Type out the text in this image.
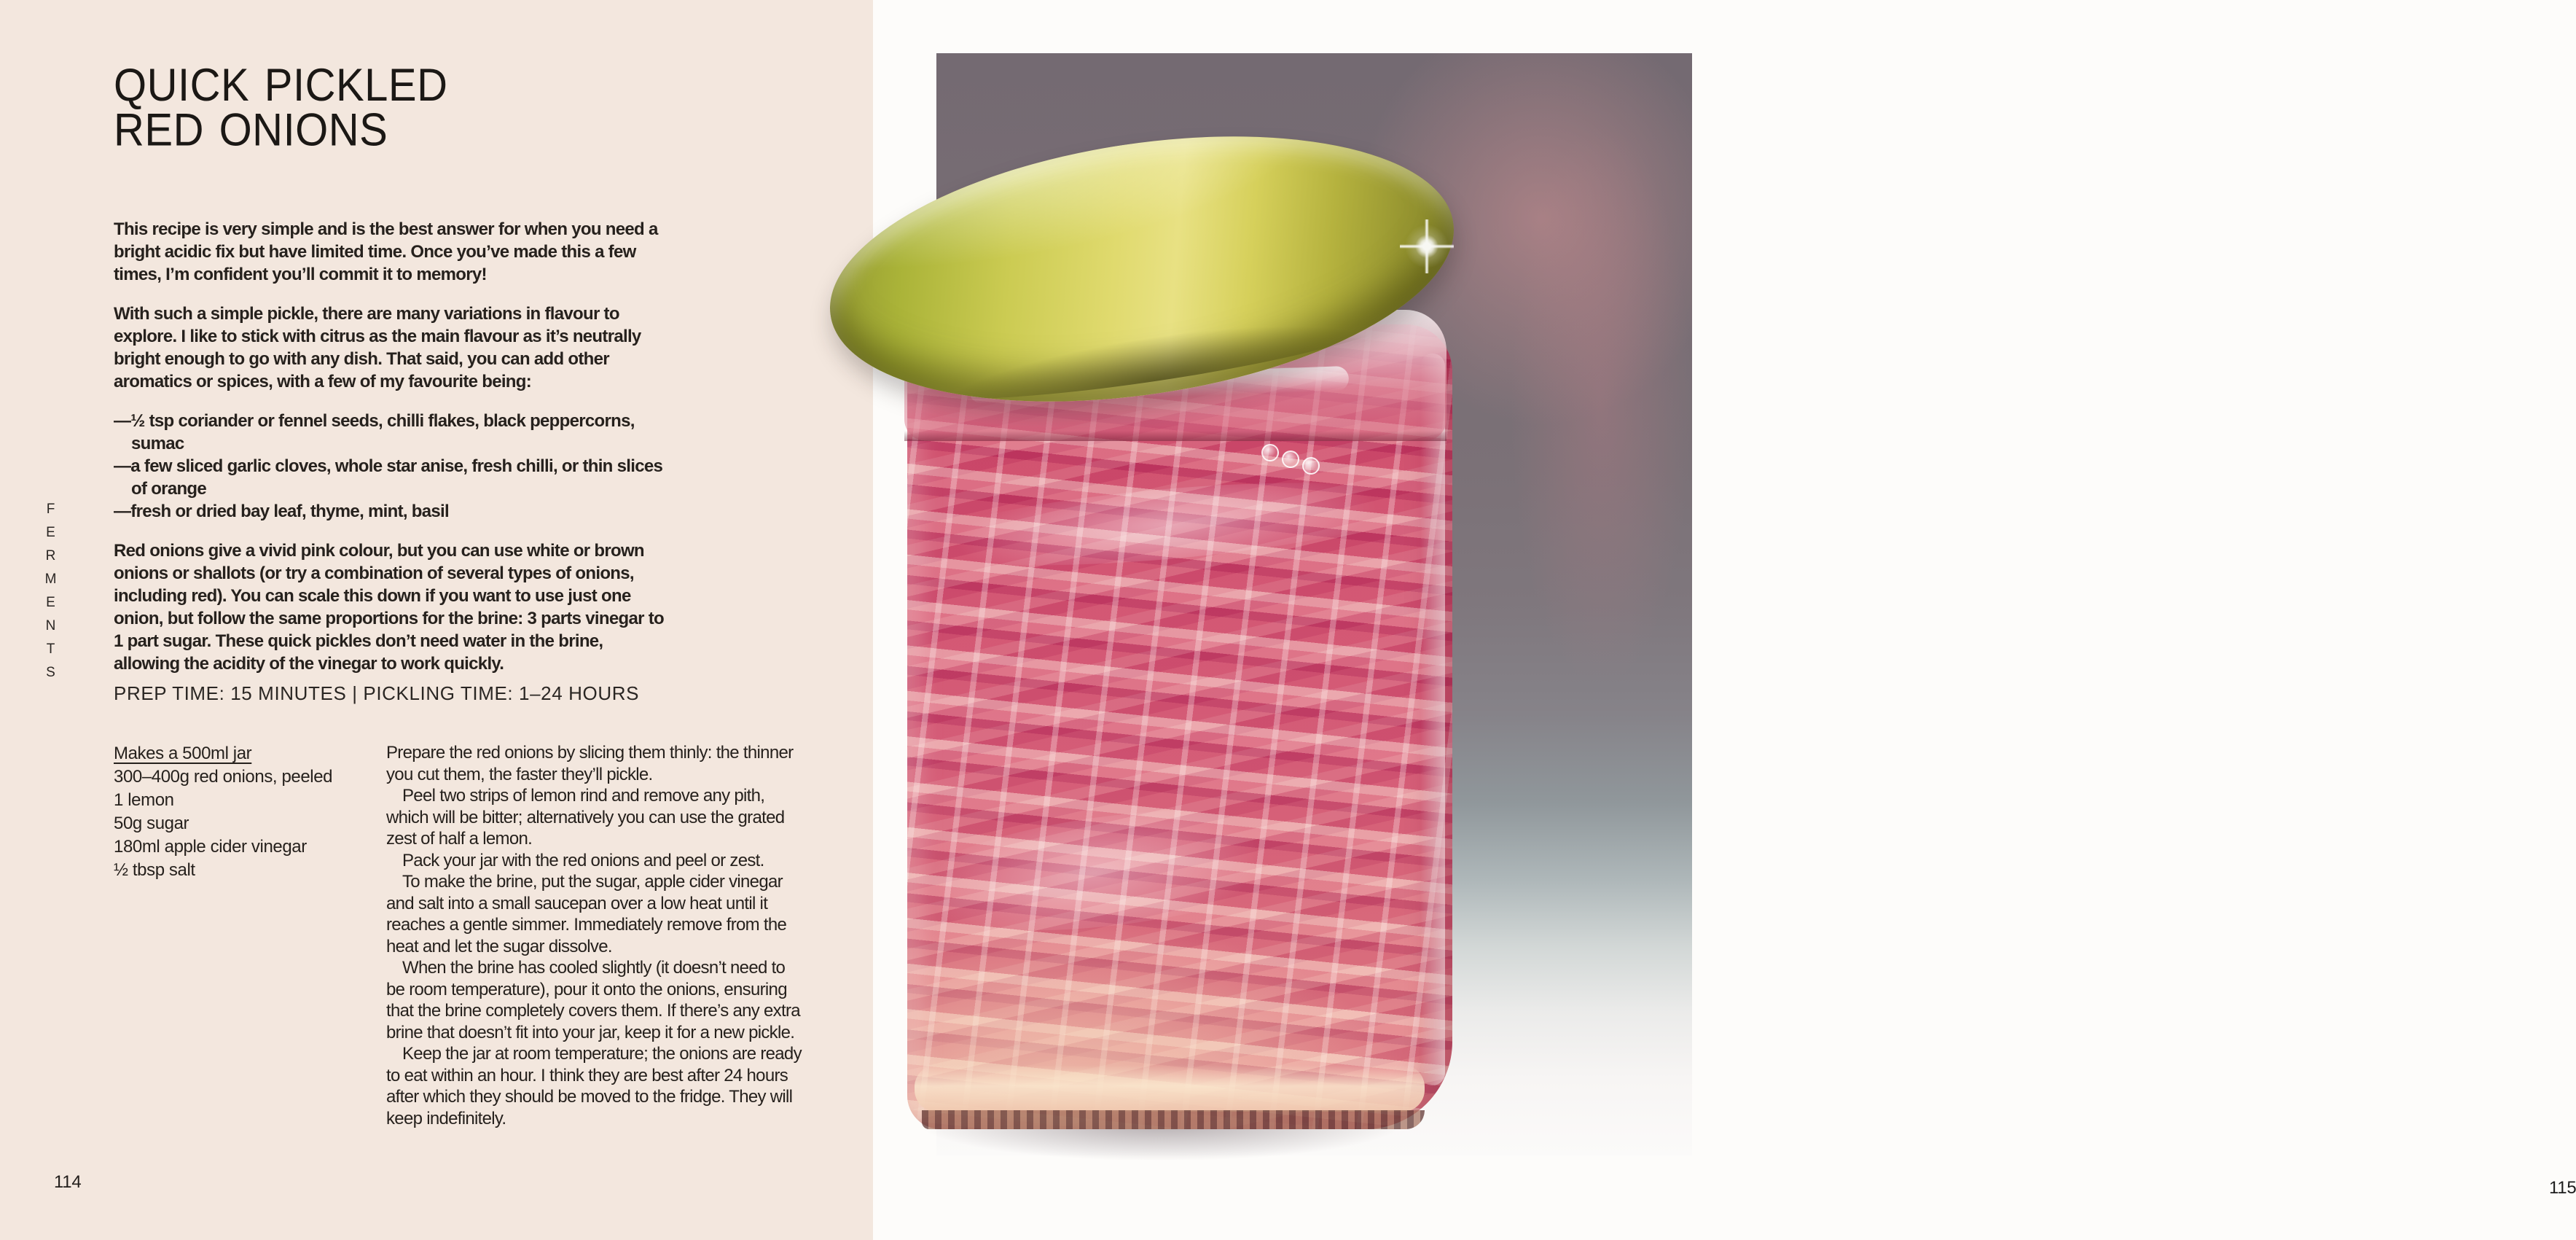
FERMENTS
QUICK PICKLED
RED ONIONS

This recipe is very simple and is the best answer for when you need a bright acidic fix but have limited time. Once you’ve made this a few times, I’m confident you’ll commit it to memory!

With such a simple pickle, there are many variations in flavour to explore. I like to stick with citrus as the main flavour as it’s neutrally bright enough to go with any dish. That said, you can add other aromatics or spices, with a few of my favourite being:

—½ tsp coriander or fennel seeds, chilli flakes, black peppercorns, sumac
—a few sliced garlic cloves, whole star anise, fresh chilli, or thin slices of orange
—fresh or dried bay leaf, thyme, mint, basil

Red onions give a vivid pink colour, but you can use white or brown onions or shallots (or try a combination of several types of onions, including red). You can scale this down if you want to use just one onion, but follow the same proportions for the brine: 3 parts vinegar to 1 part sugar. These quick pickles don’t need water in the brine, allowing the acidity of the vinegar to work quickly.

PREP TIME: 15 MINUTES | PICKLING TIME: 1–24 HOURS
Makes a 500ml jar
300–400g red onions, peeled
1 lemon
50g sugar
180ml apple cider vinegar
½ tbsp salt

Prepare the red onions by slicing them thinly: the thinner you cut them, the faster they’ll pickle.

Peel two strips of lemon rind and remove any pith, which will be bitter; alternatively you can use the grated zest of half a lemon.

Pack your jar with the red onions and peel or zest.

To make the brine, put the sugar, apple cider vinegar and salt into a small saucepan over a low heat until it reaches a gentle simmer. Immediately remove from the heat and let the sugar dissolve.

When the brine has cooled slightly (it doesn’t need to be room temperature), pour it onto the onions, ensuring that the brine completely covers them. If there’s any extra brine that doesn’t fit into your jar, keep it for a new pickle.

Keep the jar at room temperature; the onions are ready to eat within an hour. I think they are best after 24 hours after which they should be moved to the fridge. They will keep indefinitely.

114	115
